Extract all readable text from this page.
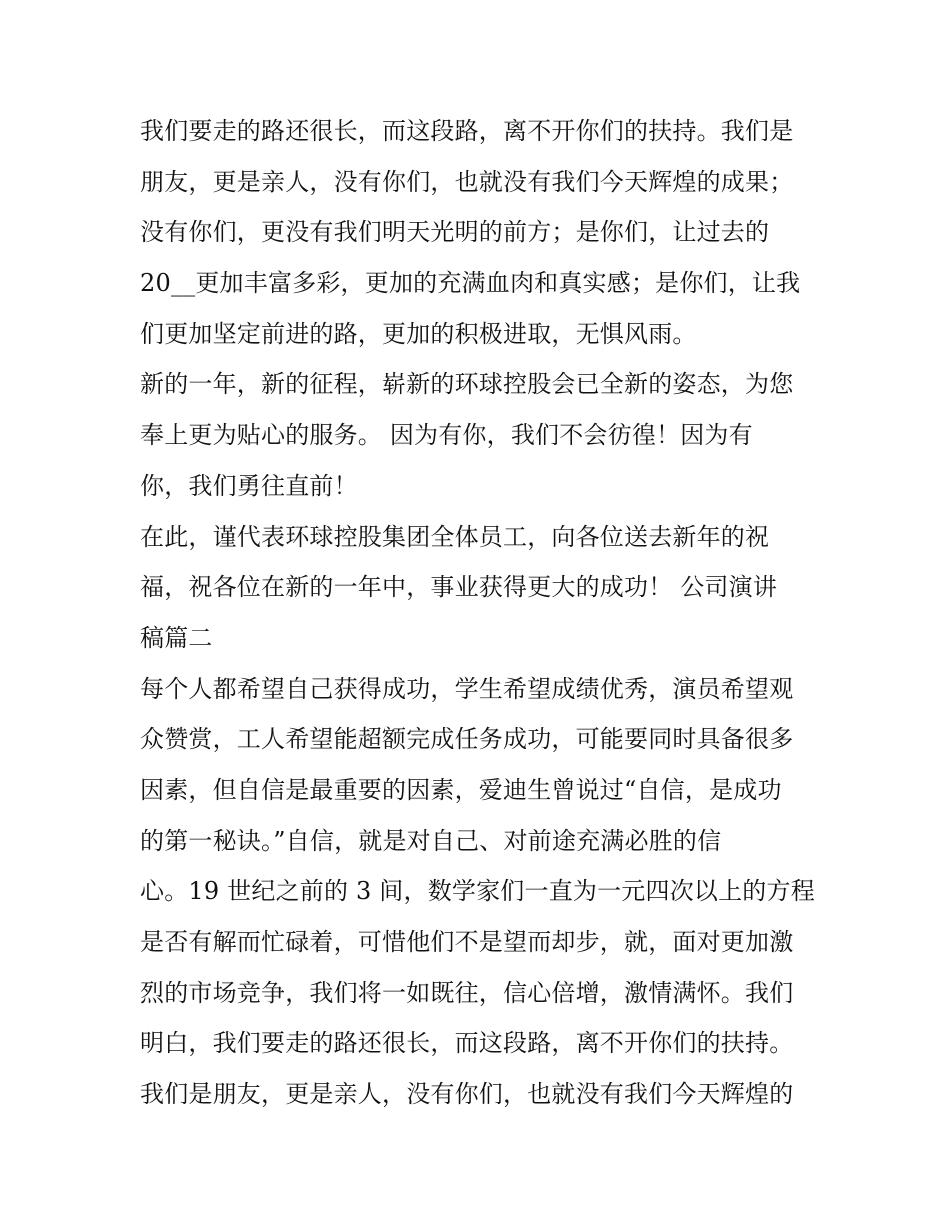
我们要走的路还很长，而这段路，离不开你们的扶持。我们是
朋友，更是亲人，没有你们，也就没有我们今天辉煌的成果；
没有你们，更没有我们明天光明的前方；是你们，让过去的
20__更加丰富多彩，更加的充满血肉和真实感；是你们，让我
们更加坚定前进的路，更加的积极进取，无惧风雨。
新的一年，新的征程，崭新的环球控股会已全新的姿态，为您
奉上更为贴心的服务。 因为有你，我们不会彷徨！因为有
你，我们勇往直前！
在此，谨代表环球控股集团全体员工，向各位送去新年的祝
福，祝各位在新的一年中，事业获得更大的成功！ 公司演讲
稿篇二
每个人都希望自己获得成功，学生希望成绩优秀，演员希望观
众赞赏，工人希望能超额完成任务成功，可能要同时具备很多
因素，但自信是最重要的因素，爱迪生曾说过“自信，是成功
的第一秘诀。”自信，就是对自己、对前途充满必胜的信
心。19 世纪之前的 3 间，数学家们一直为一元四次以上的方程
是否有解而忙碌着，可惜他们不是望而却步，就，面对更加激
烈的市场竞争，我们将一如既往，信心倍增，激情满怀。我们
明白，我们要走的路还很长，而这段路，离不开你们的扶持。
我们是朋友，更是亲人，没有你们，也就没有我们今天辉煌的
